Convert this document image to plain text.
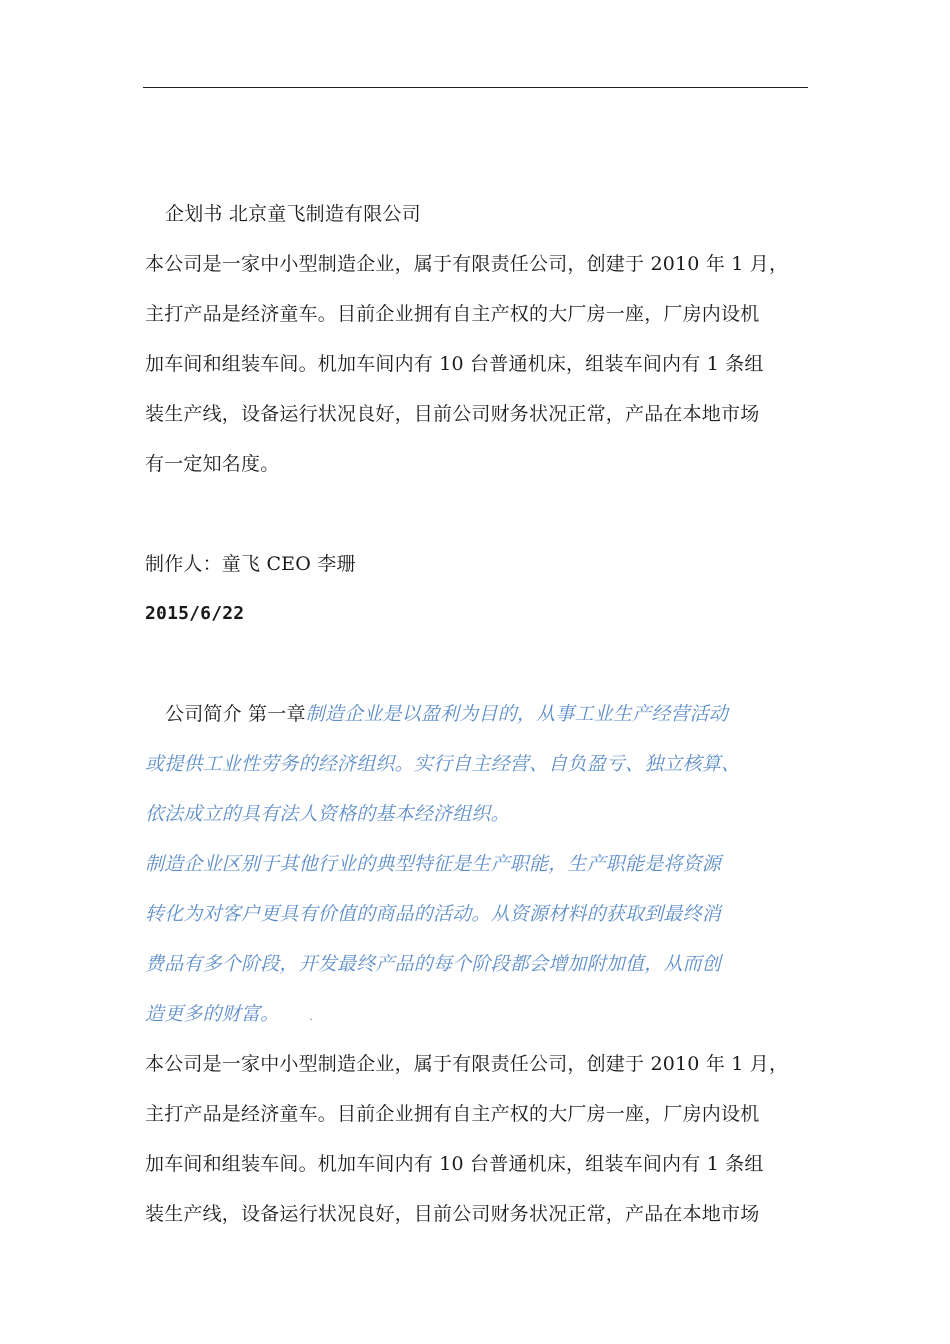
企划书 北京童飞制造有限公司
本公司是一家中小型制造企业，属于有限责任公司，创建于 2010 年 1 月，
主打产品是经济童车。目前企业拥有自主产权的大厂房一座，厂房内设机
加车间和组装车间。机加车间内有 10 台普通机床，组装车间内有 1 条组
装生产线，设备运行状况良好，目前公司财务状况正常，产品在本地市场
有一定知名度。
制作人：童飞 CEO 李珊
2015/6/22
公司简介 第一章制造企业是以盈利为目的，从事工业生产经营活动
或提供工业性劳务的经济组织。实行自主经营、自负盈亏、独立核算、
依法成立的具有法人资格的基本经济组织。
制造企业区别于其他行业的典型特征是生产职能，生产职能是将资源
转化为对客户更具有价值的商品的活动。从资源材料的获取到最终消
费品有多个阶段，开发最终产品的每个阶段都会增加附加值，从而创
造更多的财富。	.
本公司是一家中小型制造企业，属于有限责任公司，创建于 2010 年 1 月，
主打产品是经济童车。目前企业拥有自主产权的大厂房一座，厂房内设机
加车间和组装车间。机加车间内有 10 台普通机床，组装车间内有 1 条组
装生产线，设备运行状况良好，目前公司财务状况正常，产品在本地市场
